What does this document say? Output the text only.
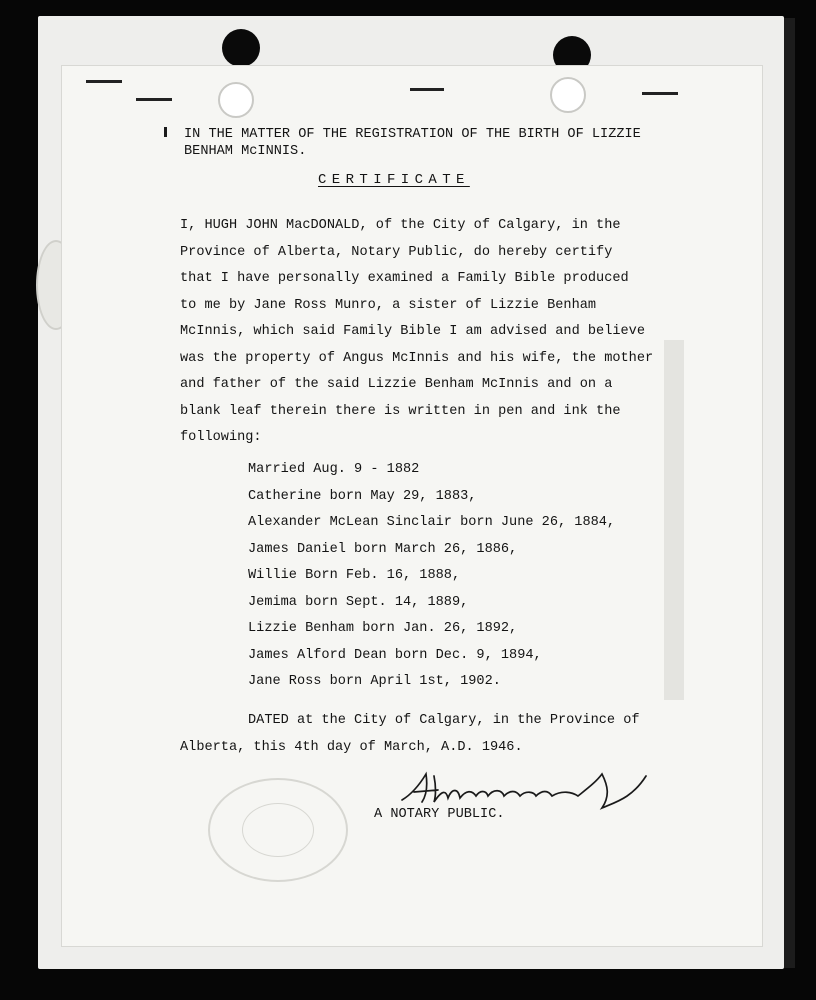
IN THE MATTER OF THE REGISTRATION OF THE BIRTH OF LIZZIE
BENHAM McINNIS.
CERTIFICATE
I, HUGH JOHN MacDONALD, of the City of Calgary, in the
Province of Alberta, Notary Public, do hereby certify
that I have personally examined a Family Bible produced
to me by Jane Ross Munro, a sister of Lizzie Benham
McInnis, which said Family Bible I am advised and believe
was the property of Angus McInnis and his wife, the mother
and father of the said Lizzie Benham McInnis and on a
blank leaf therein there is written in pen and ink the
following:
Married Aug. 9 - 1882
Catherine born May 29, 1883,
Alexander McLean Sinclair born June 26, 1884,
James Daniel born March 26, 1886,
Willie Born Feb. 16, 1888,
Jemima born Sept. 14, 1889,
Lizzie Benham born Jan. 26, 1892,
James Alford Dean born Dec. 9, 1894,
Jane Ross born April 1st, 1902.
DATED at the City of Calgary, in the Province of
Alberta, this 4th day of March, A.D. 1946.
A NOTARY PUBLIC.
